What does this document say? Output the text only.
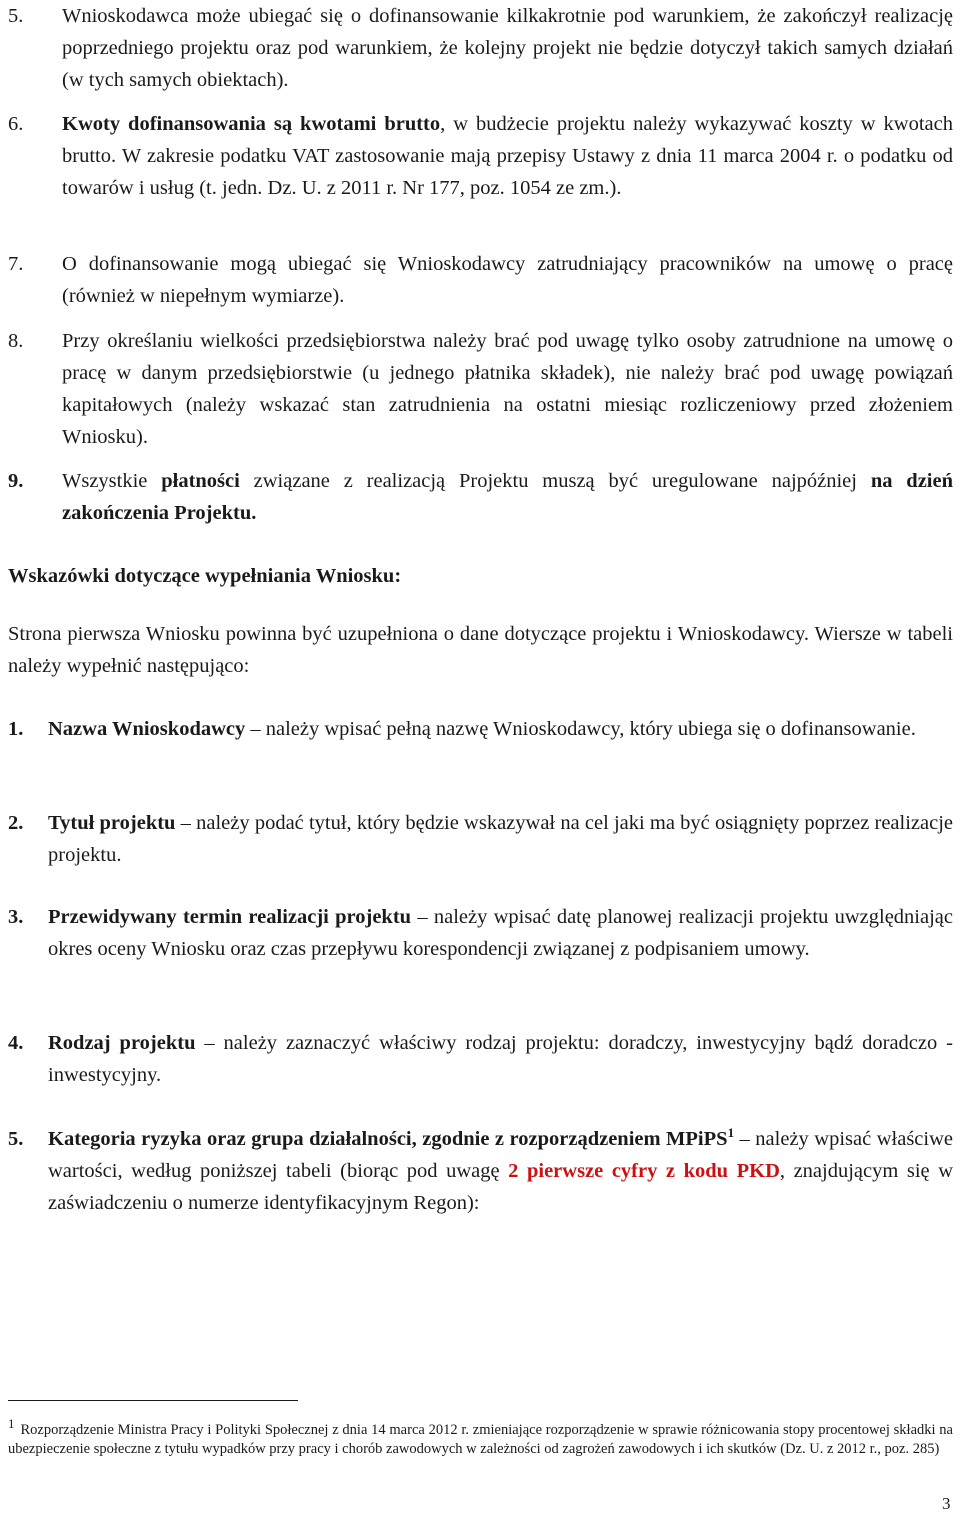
5. Wnioskodawca może ubiegać się o dofinansowanie kilkakrotnie pod warunkiem, że zakończył realizację poprzedniego projektu oraz pod warunkiem, że kolejny projekt nie będzie dotyczył takich samych działań (w tych samych obiektach).
6. Kwoty dofinansowania są kwotami brutto, w budżecie projektu należy wykazywać koszty w kwotach brutto. W zakresie podatku VAT zastosowanie mają przepisy Ustawy z dnia 11 marca 2004 r. o podatku od towarów i usług (t. jedn. Dz. U. z 2011 r. Nr 177, poz. 1054 ze zm.).
7. O dofinansowanie mogą ubiegać się Wnioskodawcy zatrudniający pracowników na umowę o pracę (również w niepełnym wymiarze).
8. Przy określaniu wielkości przedsiębiorstwa należy brać pod uwagę tylko osoby zatrudnione na umowę o pracę w danym przedsiębiorstwie (u jednego płatnika składek), nie należy brać pod uwagę powiązań kapitałowych (należy wskazać stan zatrudnienia na ostatni miesiąc rozliczeniowy przed złożeniem Wniosku).
9. Wszystkie płatności związane z realizacją Projektu muszą być uregulowane najpóźniej na dzień zakończenia Projektu.
Wskazówki dotyczące wypełniania Wniosku:
Strona pierwsza Wniosku powinna być uzupełniona o dane dotyczące projektu i Wnioskodawcy. Wiersze w tabeli należy wypełnić następująco:
1. Nazwa Wnioskodawcy – należy wpisać pełną nazwę Wnioskodawcy, który ubiega się o dofinansowanie.
2. Tytuł projektu – należy podać tytuł, który będzie wskazywał na cel jaki ma być osiągnięty poprzez realizacje projektu.
3. Przewidywany termin realizacji projektu – należy wpisać datę planowej realizacji projektu uwzględniając okres oceny Wniosku oraz czas przepływu korespondencji związanej z podpisaniem umowy.
4. Rodzaj projektu – należy zaznaczyć właściwy rodzaj projektu: doradczy, inwestycyjny bądź doradczo - inwestycyjny.
5. Kategoria ryzyka oraz grupa działalności, zgodnie z rozporządzeniem MPiPS$^1$ – należy wpisać właściwe wartości, według poniższej tabeli (biorąc pod uwagę 2 pierwsze cyfry z kodu PKD, znajdującym się w zaświadczeniu o numerze identyfikacyjnym Regon):
1 Rozporządzenie Ministra Pracy i Polityki Społecznej z dnia 14 marca 2012 r. zmieniające rozporządzenie w sprawie różnicowania stopy procentowej składki na ubezpieczenie społeczne z tytułu wypadków przy pracy i chorób zawodowych w zależności od zagrożeń zawodowych i ich skutków (Dz. U. z 2012 r., poz. 285)
3
